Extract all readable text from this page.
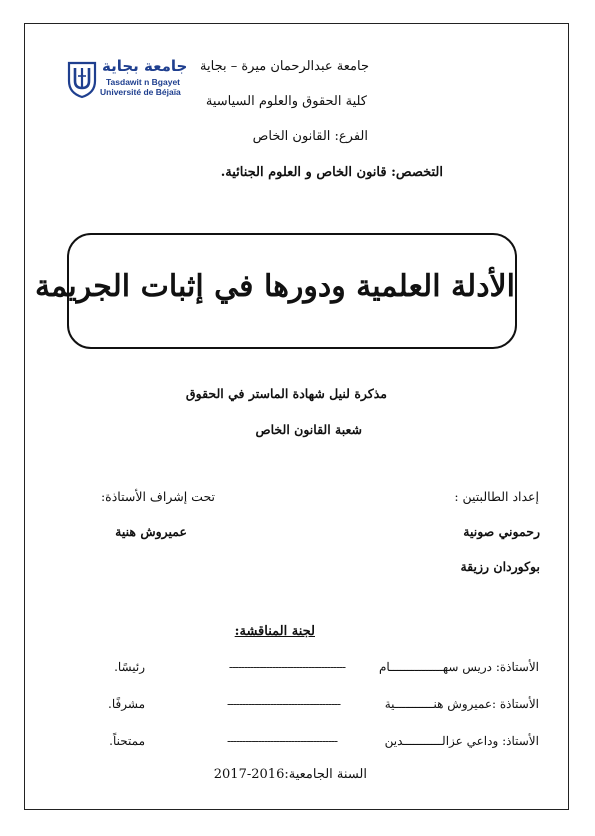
جامعة بجاية
Tasdawit n Bgayet
Université de Béjaïa
جامعة عبدالرحمان ميرة – بجاية
كلية الحقوق والعلوم السياسية
الفرع: القانون الخاص
التخصص: قانون الخاص و العلوم الجنائية.
الأدلة العلمية ودورها في إثبات الجريمة
مذكرة لنيل شهادة الماستر في الحقوق
شعبة القانون الخاص
إعداد الطالبتين :
تحت إشراف الأستاذة:
رحموني صونية
عميروش هنية
بوكوردان رزيقة
لجنة المناقشة:
الأستاذة: دريس سهـــــــــــــــام
--------------------------------------
رئيسًا.
الأستاذة :عميروش هنـــــــــــية
-------------------------------------
مشرفًا.
الأستاذ: وداعي عزالـــــــــــدين
------------------------------------
ممتحناً.
السنة الجامعية:2016-2017
